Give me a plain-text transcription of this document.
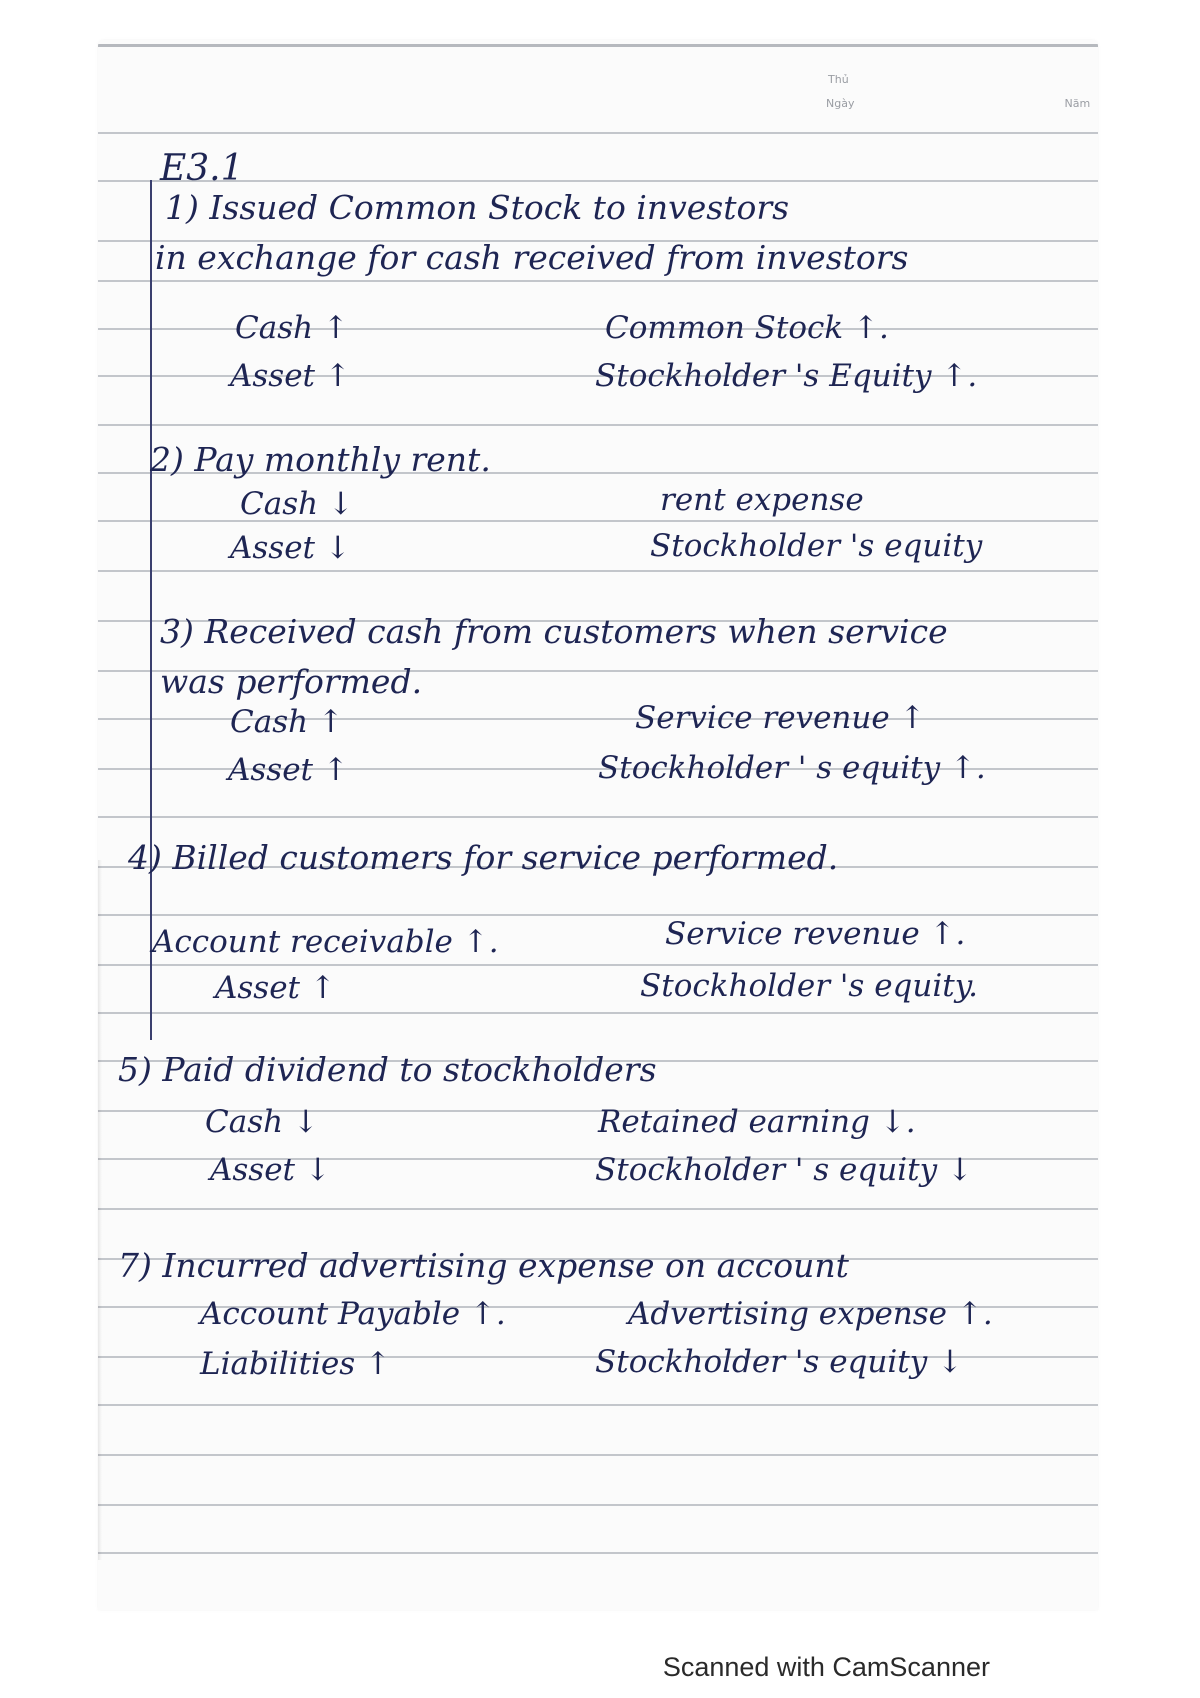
Thủ
Ngày	Năm
E3.1
1) Issued Common Stock to investors
in exchange for cash received from investors
Cash ↑
Asset ↑
Common Stock ↑.
Stockholder 's Equity ↑.
2) Pay monthly rent.
Cash ↓
Asset ↓
rent expense
Stockholder 's equity
3) Received cash from customers when service
was performed.
Cash ↑
Asset ↑
Service revenue ↑
Stockholder ' s equity ↑.
4) Billed customers for service performed.
Account receivable ↑.
Asset ↑
Service revenue ↑.
Stockholder 's equity.
5) Paid dividend to stockholders
Cash ↓
Asset ↓
Retained earning ↓.
Stockholder ' s equity ↓
7) Incurred advertising expense on account
Account Payable ↑.
Liabilities ↑
Advertising expense ↑.
Stockholder 's equity ↓
Scanned with CamScanner
